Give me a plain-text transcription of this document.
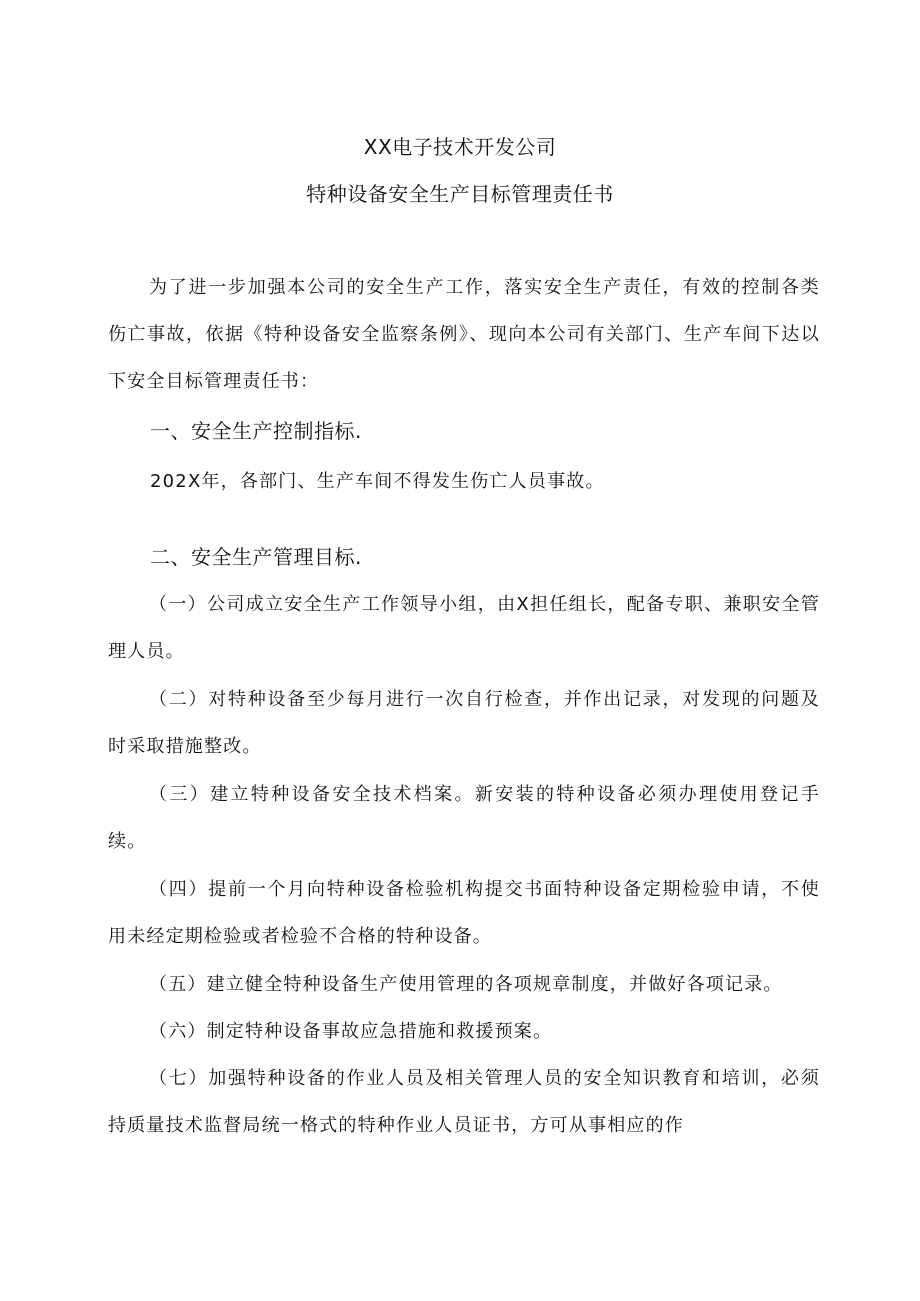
XX电子技术开发公司
特种设备安全生产目标管理责任书

为了进一步加强本公司的安全生产工作，落实安全生产责任，有效的控制各类伤亡事故，依据《特种设备安全监察条例》、现向本公司有关部门、生产车间下达以下安全目标管理责任书：

一、安全生产控制指标.
202X年，各部门、生产车间不得发生伤亡人员事故。
二、安全生产管理目标.

（一）公司成立安全生产工作领导小组，由X担任组长，配备专职、兼职安全管理人员。

（二）对特种设备至少每月进行一次自行检查，并作出记录，对发现的问题及时采取措施整改。

（三）建立特种设备安全技术档案。新安装的特种设备必须办理使用登记手续。

（四）提前一个月向特种设备检验机构提交书面特种设备定期检验申请，不使用未经定期检验或者检验不合格的特种设备。

（五）建立健全特种设备生产使用管理的各项规章制度，并做好各项记录。

（六）制定特种设备事故应急措施和救援预案。

（七）加强特种设备的作业人员及相关管理人员的安全知识教育和培训，必须持质量技术监督局统一格式的特种作业人员证书，方可从事相应的作
